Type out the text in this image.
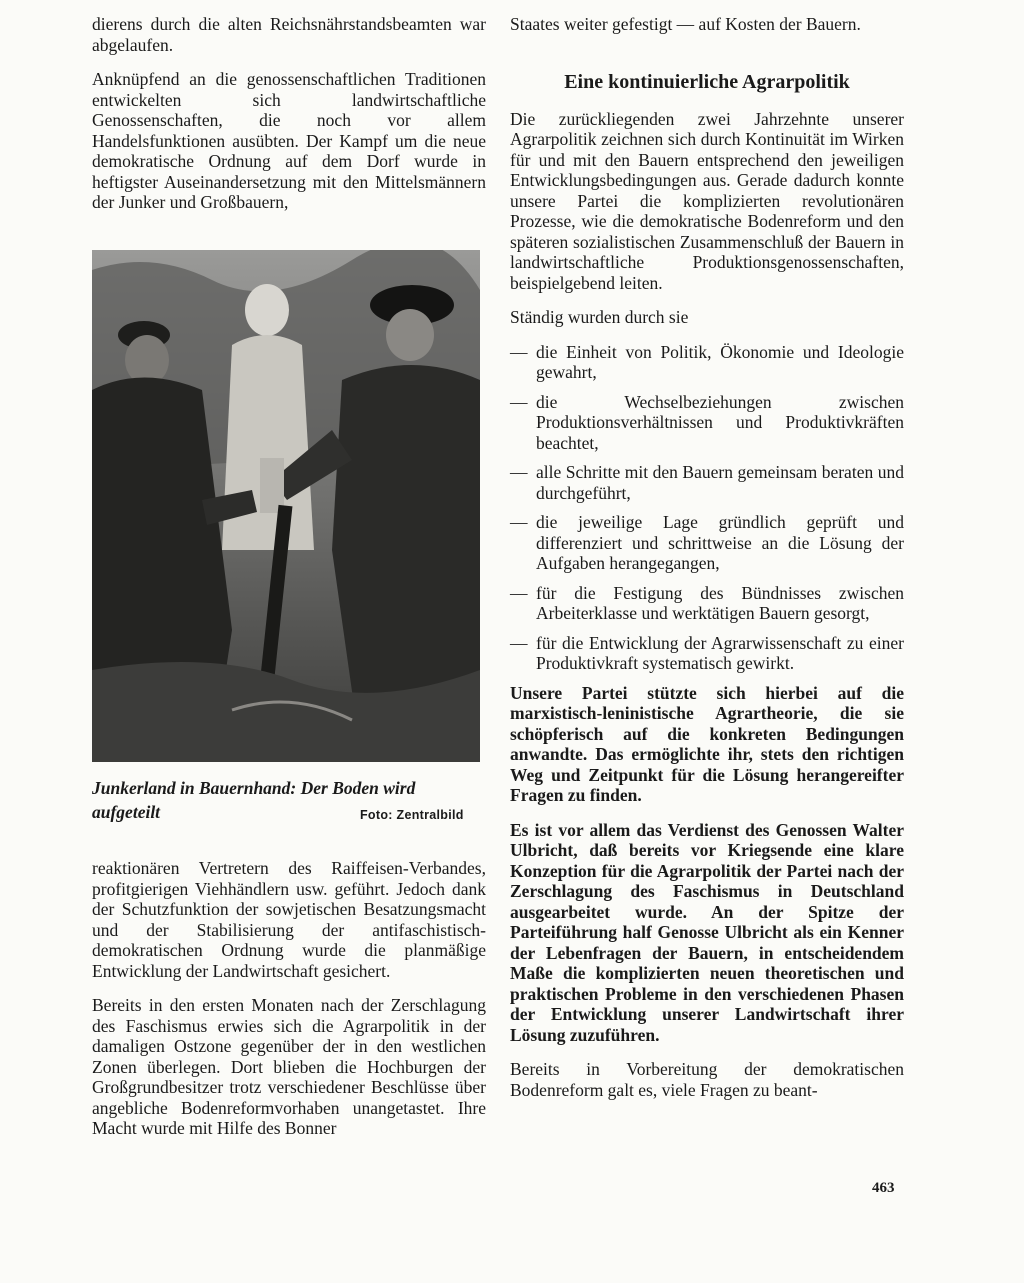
dierens durch die alten Reichsnährstandsbeamten war abgelaufen.

Anknüpfend an die genossenschaftlichen Traditionen entwickelten sich landwirtschaftliche Genossenschaften, die noch vor allem Handelsfunktionen ausübten. Der Kampf um die neue demokratische Ordnung auf dem Dorf wurde in heftigster Auseinandersetzung mit den Mittelsmännern der Junker und Großbauern,

Junkerland in Bauernhand: Der Boden wird aufgeteilt	Foto: Zentralbild

reaktionären Vertretern des Raiffeisen-Verbandes, profitgierigen Viehhändlern usw. geführt. Jedoch dank der Schutzfunktion der sowjetischen Besatzungsmacht und der Stabilisierung der antifaschistisch-demokratischen Ordnung wurde die planmäßige Entwicklung der Landwirtschaft gesichert.

Bereits in den ersten Monaten nach der Zerschlagung des Faschismus erwies sich die Agrarpolitik in der damaligen Ostzone gegenüber der in den westlichen Zonen überlegen. Dort blieben die Hochburgen der Großgrundbesitzer trotz verschiedener Beschlüsse über angebliche Bodenreformvorhaben unangetastet. Ihre Macht wurde mit Hilfe des Bonner

Staates weiter gefestigt — auf Kosten der Bauern.

Eine kontinuierliche Agrarpolitik

Die zurückliegenden zwei Jahrzehnte unserer Agrarpolitik zeichnen sich durch Kontinuität im Wirken für und mit den Bauern entsprechend den jeweiligen Entwicklungsbedingungen aus. Gerade dadurch konnte unsere Partei die komplizierten revolutionären Prozesse, wie die demokratische Bodenreform und den späteren sozialistischen Zusammenschluß der Bauern in landwirtschaftliche Produktionsgenossenschaften, beispielgebend leiten.

Ständig wurden durch sie

— die Einheit von Politik, Ökonomie und Ideologie gewahrt,
— die Wechselbeziehungen zwischen Produktionsverhältnissen und Produktivkräften beachtet,
— alle Schritte mit den Bauern gemeinsam beraten und durchgeführt,
— die jeweilige Lage gründlich geprüft und differenziert und schrittweise an die Lösung der Aufgaben herangegangen,
— für die Festigung des Bündnisses zwischen Arbeiterklasse und werktätigen Bauern gesorgt,
— für die Entwicklung der Agrarwissenschaft zu einer Produktivkraft systematisch gewirkt.

Unsere Partei stützte sich hierbei auf die marxistisch-leninistische Agrartheorie, die sie schöpferisch auf die konkreten Bedingungen anwandte. Das ermöglichte ihr, stets den richtigen Weg und Zeitpunkt für die Lösung herangereifter Fragen zu finden.

Es ist vor allem das Verdienst des Genossen Walter Ulbricht, daß bereits vor Kriegsende eine klare Konzeption für die Agrarpolitik der Partei nach der Zerschlagung des Faschismus in Deutschland ausgearbeitet wurde. An der Spitze der Parteiführung half Genosse Ulbricht als ein Kenner der Lebenfragen der Bauern, in entscheidendem Maße die komplizierten neuen theoretischen und praktischen Probleme in den verschiedenen Phasen der Entwicklung unserer Landwirtschaft ihrer Lösung zuzuführen.

Bereits in Vorbereitung der demokratischen Bodenreform galt es, viele Fragen zu beant-

463
